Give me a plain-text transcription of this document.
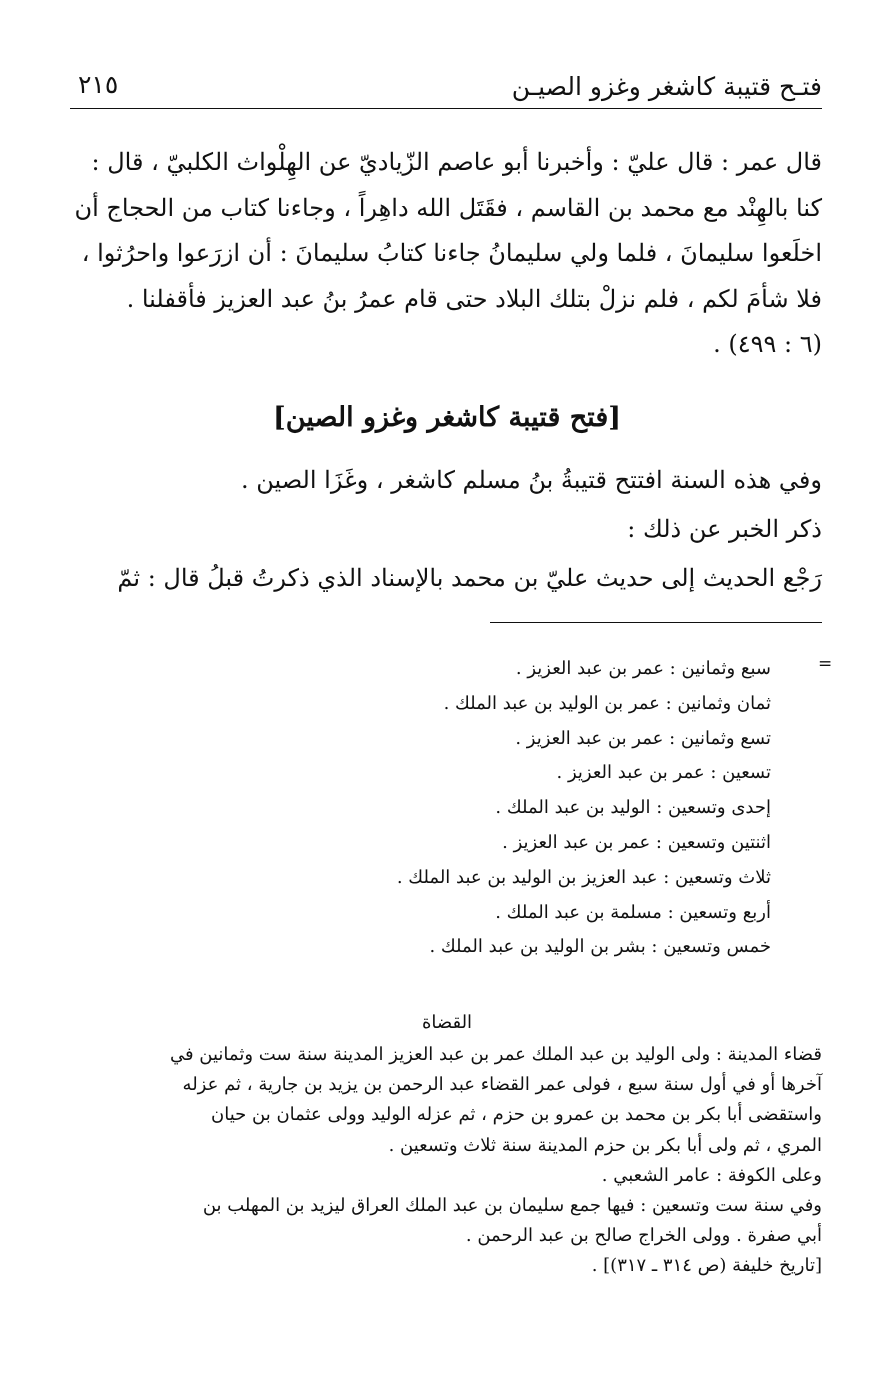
٢١٥	فتـح قتيبة كاشغر وغزو الصيـن
قال عمر : قال عليّ : وأخبرنا أبو عاصم الزّياديّ عن الهِلْواث الكلبيّ ، قال :
كنا بالهِنْد مع محمد بن القاسم ، فقَتَل الله داهِراً ، وجاءنا كتاب من الحجاج أن
اخلَعوا سليمانَ ، فلما ولي سليمانُ جاءنا كتابُ سليمانَ : أن ازرَعوا واحرُثوا ،
فلا شأمَ لكم ، فلم نزلْ بتلك البلاد حتى قام عمرُ بنُ عبد العزيز فأقفلنا .
(٦ : ٤٩٩) .
[فتح قتيبة كاشغر وغزو الصين]
وفي هذه السنة افتتح قتيبةُ بنُ مسلم كاشغر ، وغَزَا الصين .
ذكر الخبر عن ذلك :
رَجْع الحديث إلى حديث عليّ بن محمد بالإسناد الذي ذكرتُ قبلُ قال : ثمّ
=
سبع وثمانين : عمر بن عبد العزيز .
ثمان وثمانين : عمر بن الوليد بن عبد الملك .
تسع وثمانين : عمر بن عبد العزيز .
تسعين : عمر بن عبد العزيز .
إحدى وتسعين : الوليد بن عبد الملك .
اثنتين وتسعين : عمر بن عبد العزيز .
ثلاث وتسعين : عبد العزيز بن الوليد بن عبد الملك .
أربع وتسعين : مسلمة بن عبد الملك .
خمس وتسعين : بشر بن الوليد بن عبد الملك .
القضاة
قضاء المدينة : ولى الوليد بن عبد الملك عمر بن عبد العزيز المدينة سنة ست وثمانين في
آخرها أو في أول سنة سبع ، فولى عمر القضاء عبد الرحمن بن يزيد بن جارية ، ثم عزله
واستقضى أبا بكر بن محمد بن عمرو بن حزم ، ثم عزله الوليد وولى عثمان بن حيان
المري ، ثم ولى أبا بكر بن حزم المدينة سنة ثلاث وتسعين .
وعلى الكوفة : عامر الشعبي .
وفي سنة ست وتسعين : فيها جمع سليمان بن عبد الملك العراق ليزيد بن المهلب بن
أبي صفرة . وولى الخراج صالح بن عبد الرحمن .
[تاريخ خليفة (ص ٣١٤ ـ ٣١٧)] .
